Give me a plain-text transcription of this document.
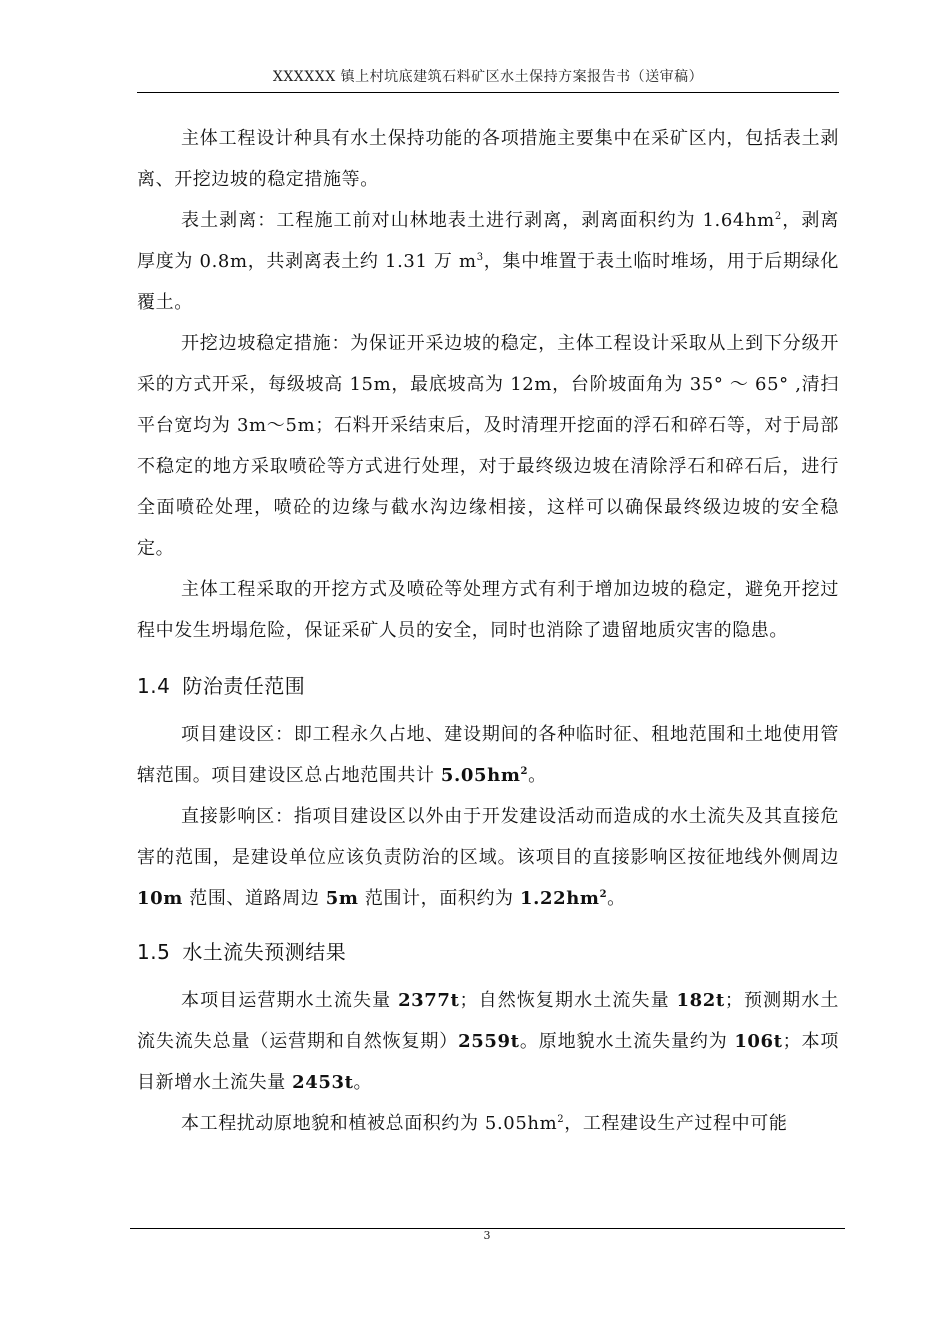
XXXXXX 镇上村坑底建筑石料矿区水土保持方案报告书（送审稿）

主体工程设计种具有水土保持功能的各项措施主要集中在采矿区内，包括表土剥离、开挖边坡的稳定措施等。

表土剥离：工程施工前对山林地表土进行剥离，剥离面积约为 $1.64hm^2$，剥离厚度为 0.8m，共剥离表土约 1.31 万 $m^3$，集中堆置于表土临时堆场，用于后期绿化覆土。

开挖边坡稳定措施：为保证开采边坡的稳定，主体工程设计采取从上到下分级开采的方式开采，每级坡高 15m，最底坡高为 12m，台阶坡面角为 35° ～ 65° ,清扫平台宽均为 3m～5m；石料开采结束后，及时清理开挖面的浮石和碎石等，对于局部不稳定的地方采取喷砼等方式进行处理，对于最终级边坡在清除浮石和碎石后，进行全面喷砼处理，喷砼的边缘与截水沟边缘相接，这样可以确保最终级边坡的安全稳定。

主体工程采取的开挖方式及喷砼等处理方式有利于增加边坡的稳定，避免开挖过程中发生坍塌危险，保证采矿人员的安全，同时也消除了遗留地质灾害的隐患。

1.4 防治责任范围

项目建设区：即工程永久占地、建设期间的各种临时征、租地范围和土地使用管辖范围。项目建设区总占地范围共计 $5.05hm^2$。

直接影响区：指项目建设区以外由于开发建设活动而造成的水土流失及其直接危害的范围，是建设单位应该负责防治的区域。该项目的直接影响区按征地线外侧周边 10m 范围、道路周边 5m 范围计，面积约为 $1.22hm^2$。

1.5 水土流失预测结果

本项目运营期水土流失量 2377t；自然恢复期水土流失量 182t；预测期水土流失流失总量（运营期和自然恢复期）2559t。原地貌水土流失量约为 106t；本项目新增水土流失量 2453t。

本工程扰动原地貌和植被总面积约为 $5.05hm^2$，工程建设生产过程中可能

3
